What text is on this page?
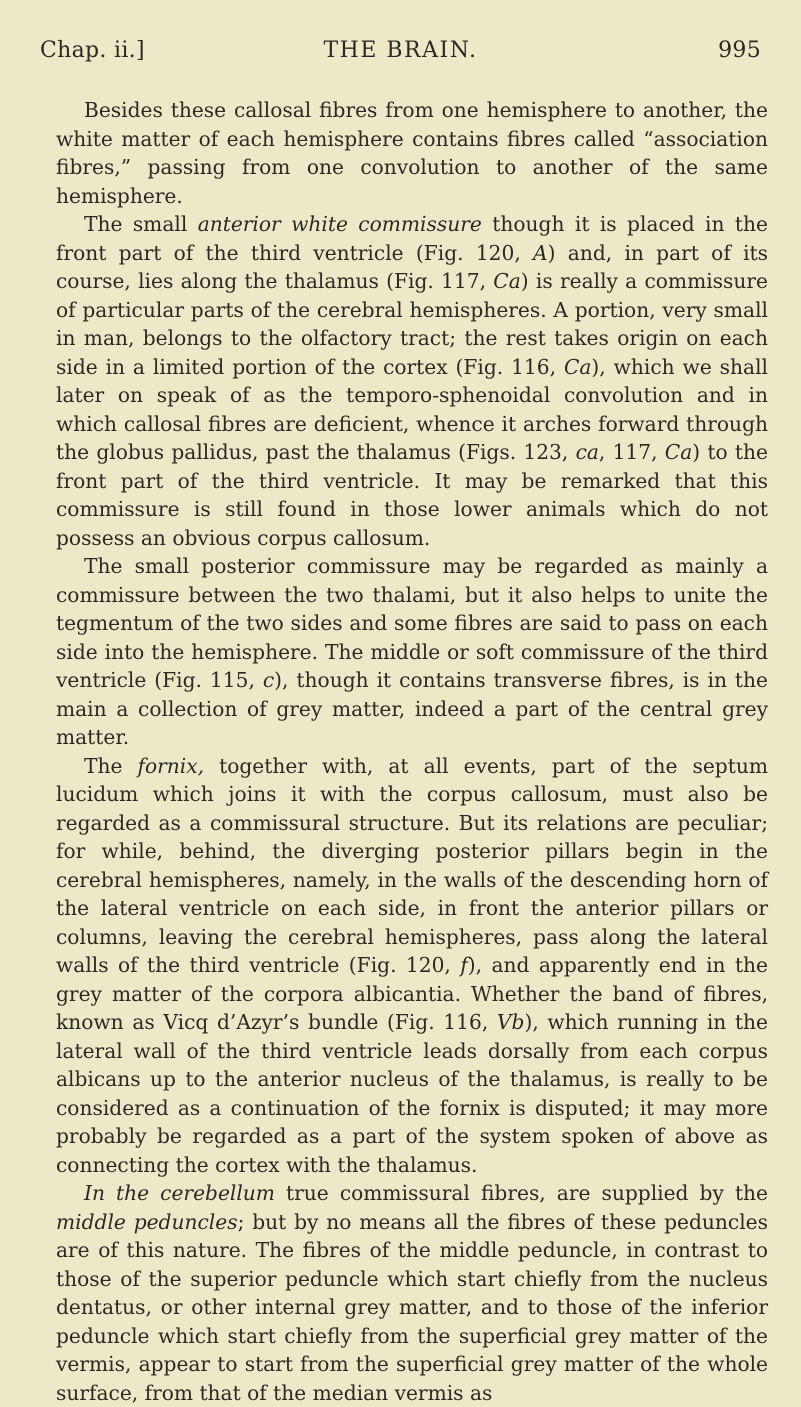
Chap. ii.]	THE BRAIN.	995

Besides these callosal fibres from one hemisphere to another, the white matter of each hemisphere contains fibres called “association fibres,” passing from one convolution to another of the same hemisphere.

The small anterior white commissure though it is placed in the front part of the third ventricle (Fig. 120, A) and, in part of its course, lies along the thalamus (Fig. 117, Ca) is really a commissure of particular parts of the cerebral hemispheres. A portion, very small in man, belongs to the olfactory tract; the rest takes origin on each side in a limited portion of the cortex (Fig. 116, Ca), which we shall later on speak of as the temporo-sphenoidal convolution and in which callosal fibres are deficient, whence it arches forward through the globus pallidus, past the thalamus (Figs. 123, ca, 117, Ca) to the front part of the third ventricle. It may be remarked that this commissure is still found in those lower animals which do not possess an obvious corpus callosum.

The small posterior commissure may be regarded as mainly a commissure between the two thalami, but it also helps to unite the tegmentum of the two sides and some fibres are said to pass on each side into the hemisphere. The middle or soft commissure of the third ventricle (Fig. 115, c), though it contains transverse fibres, is in the main a collection of grey matter, indeed a part of the central grey matter.

The fornix, together with, at all events, part of the septum lucidum which joins it with the corpus callosum, must also be regarded as a commissural structure. But its relations are peculiar; for while, behind, the diverging posterior pillars begin in the cerebral hemispheres, namely, in the walls of the descending horn of the lateral ventricle on each side, in front the anterior pillars or columns, leaving the cerebral hemispheres, pass along the lateral walls of the third ventricle (Fig. 120, f), and apparently end in the grey matter of the corpora albicantia. Whether the band of fibres, known as Vicq d’Azyr’s bundle (Fig. 116, Vb), which running in the lateral wall of the third ventricle leads dorsally from each corpus albicans up to the anterior nucleus of the thalamus, is really to be considered as a continuation of the fornix is disputed; it may more probably be regarded as a part of the system spoken of above as connecting the cortex with the thalamus.

In the cerebellum true commissural fibres, are supplied by the middle peduncles; but by no means all the fibres of these peduncles are of this nature. The fibres of the middle peduncle, in contrast to those of the superior peduncle which start chiefly from the nucleus dentatus, or other internal grey matter, and to those of the inferior peduncle which start chiefly from the superficial grey matter of the vermis, appear to start from the superficial grey matter of the whole surface, from that of the median vermis as
